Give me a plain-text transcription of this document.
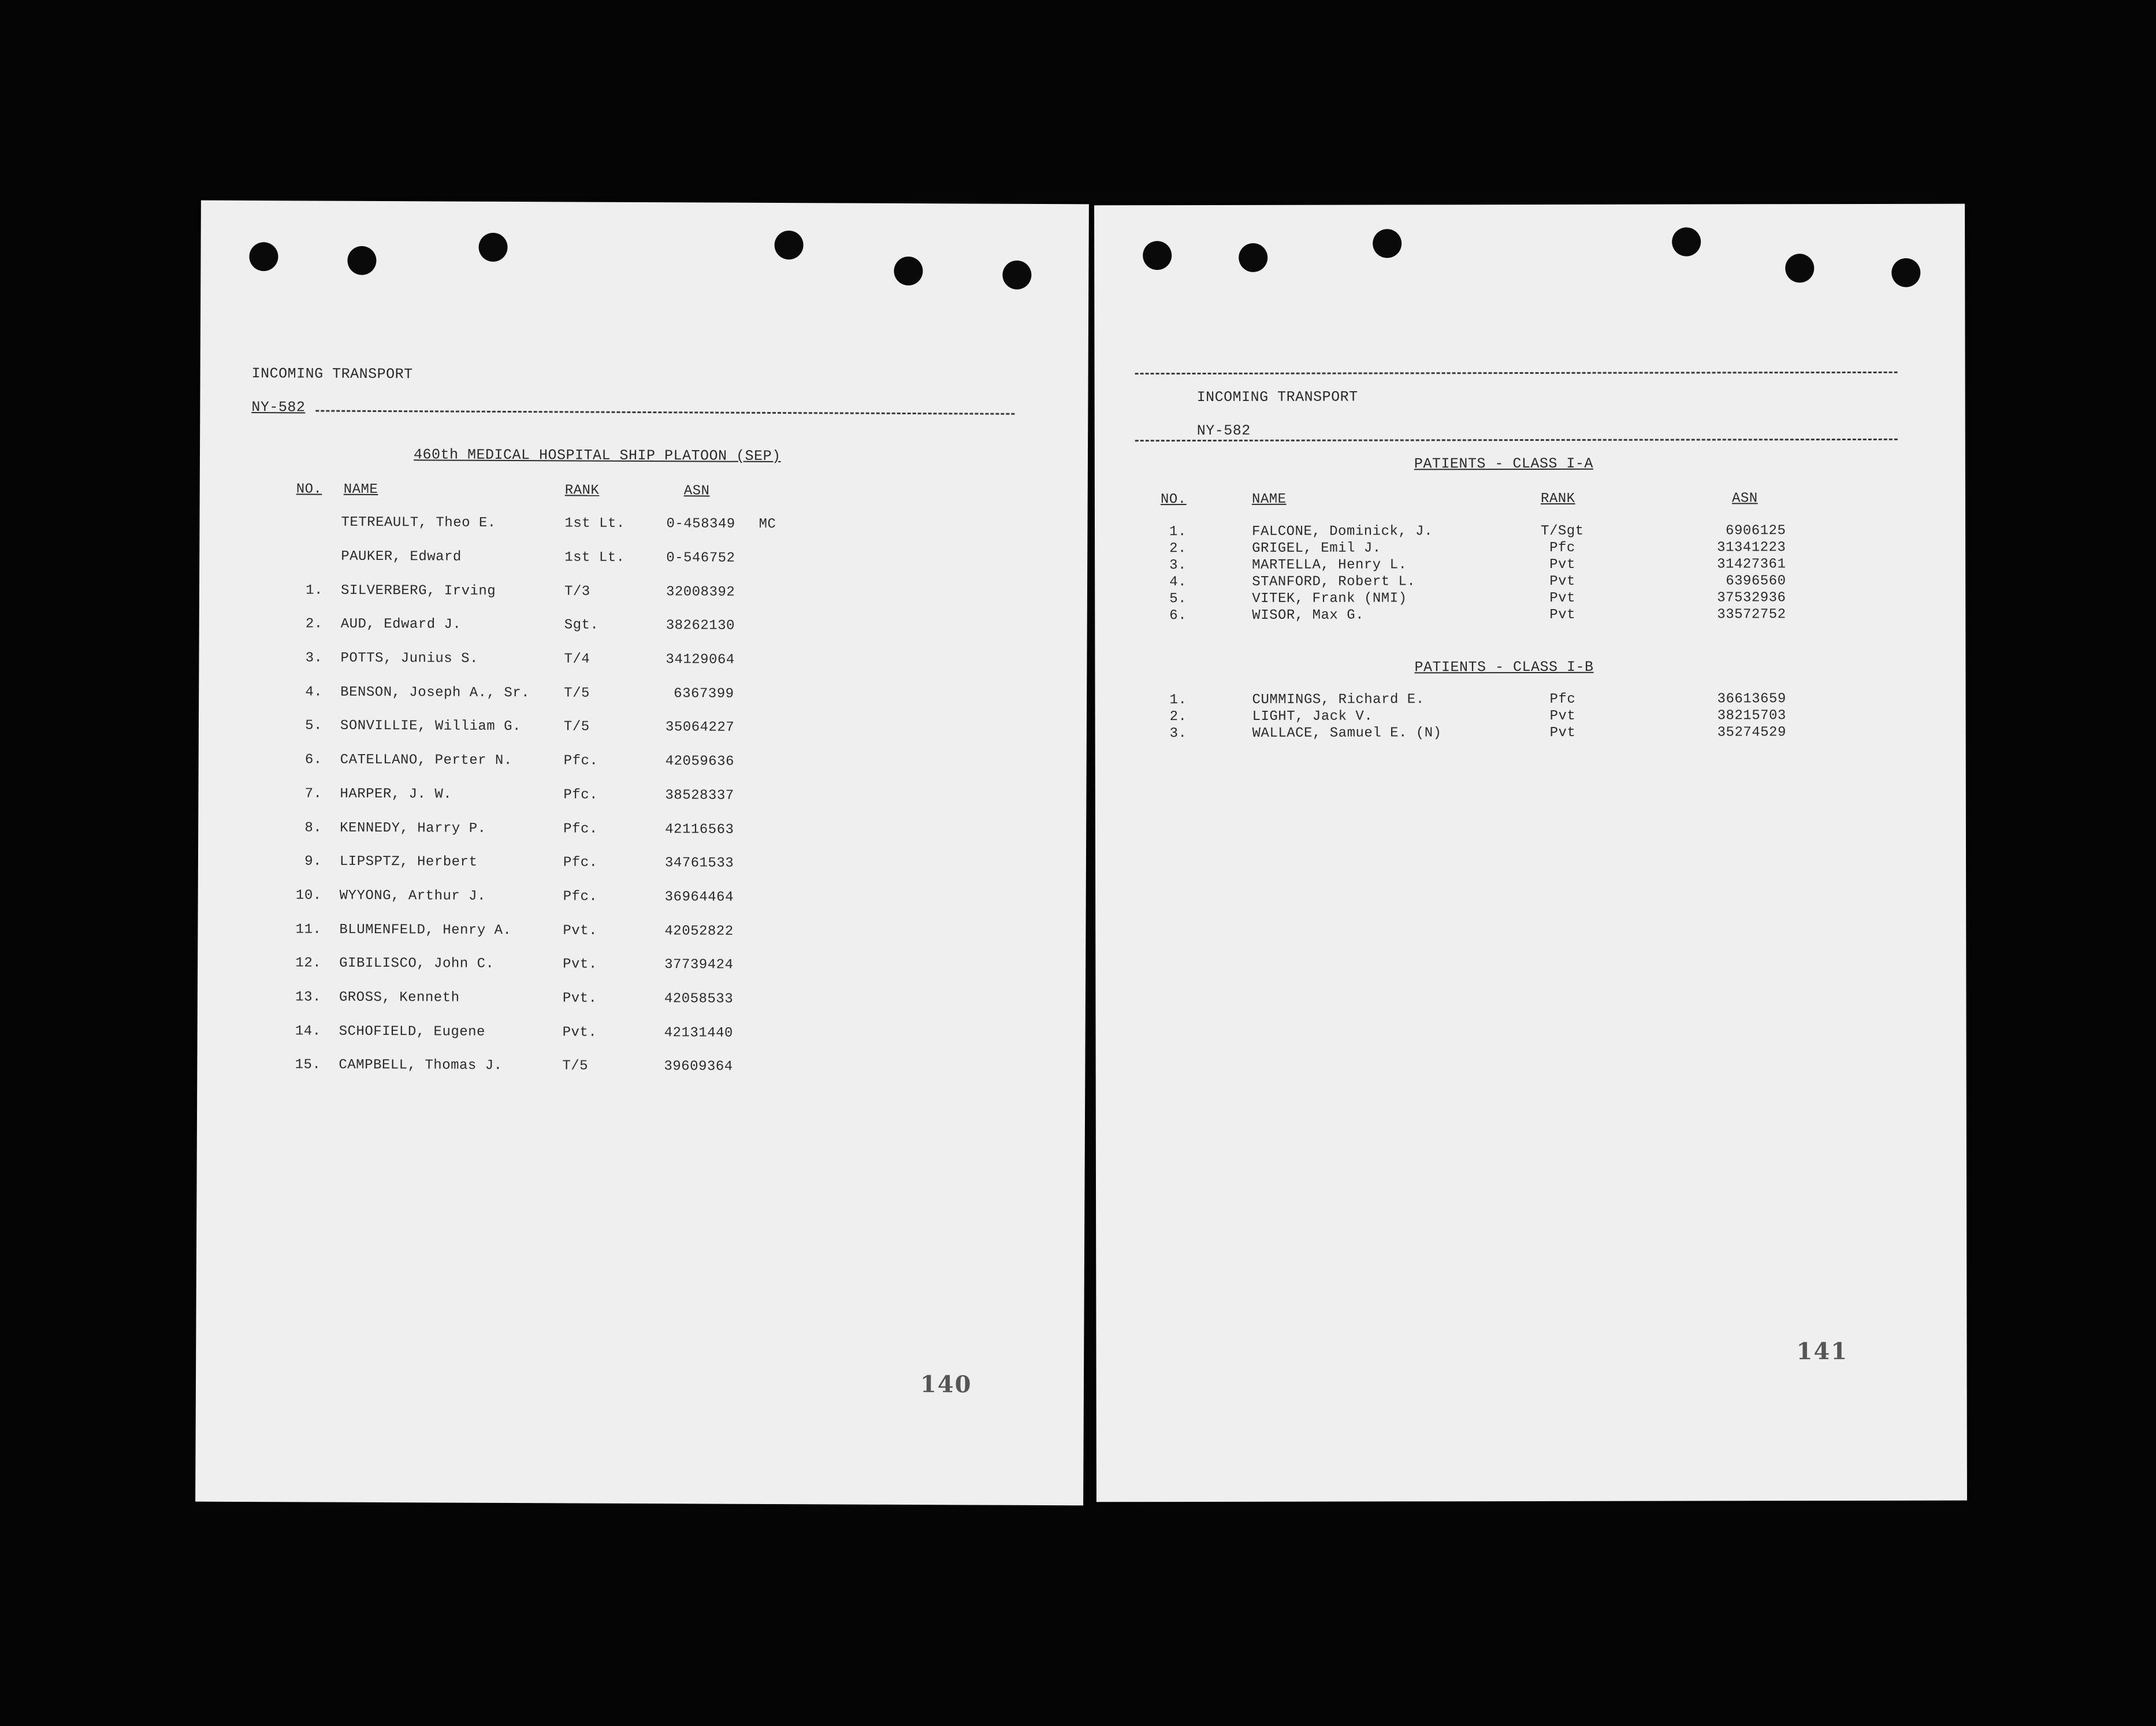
INCOMING TRANSPORT
NY-582
460th MEDICAL HOSPITAL SHIP PLATOON (SEP)
NO. NAME	RANK	ASN
TETREAULT, Theo E.	1st Lt.	0-458349 MC
PAUKER, Edward	1st Lt.	0-546752
1. SILVERBERG, Irving	T/3	32008392
2. AUD, Edward J.	Sgt.	38262130
3. POTTS, Junius S.	T/4	34129064
4. BENSON, Joseph A., Sr. T/5	6367399
5. SONVILLIE, William G.	T/5	35064227
6. CATELLANO, Perter N.	Pfc.	42059636
7. HARPER, J. W.	Pfc.	38528337
8. KENNEDY, Harry P.	Pfc.	42116563
9. LIPSPTZ, Herbert	Pfc.	34761533
10. WYYONG, Arthur J.	Pfc.	36964464
11. BLUMENFELD, Henry A.	Pvt.	42052822
12. GIBILISCO, John C.	Pvt.	37739424
13. GROSS, Kenneth	Pvt.	42058533
14. SCHOFIELD, Eugene	Pvt.	42131440
15. CAMPBELL, Thomas J.	T/5	39609364
140
INCOMING TRANSPORT
NY-582
PATIENTS - CLASS I-A
NO.	NAME	RANK	ASN
1.	FALCONE, Dominick, J.	T/Sgt	6906125
2.	GRIGEL, Emil J.	Pfc	31341223
3.	MARTELLA, Henry L.	Pvt	31427361
4.	STANFORD, Robert L.	Pvt	6396560
5.	VITEK, Frank (NMI)	Pvt	37532936
6.	WISOR, Max G.	Pvt	33572752
PATIENTS - CLASS I-B
1.	CUMMINGS, Richard E.	Pfc	36613659
2.	LIGHT, Jack V.	Pvt	38215703
3.	WALLACE, Samuel E. (N)	Pvt	35274529
141
